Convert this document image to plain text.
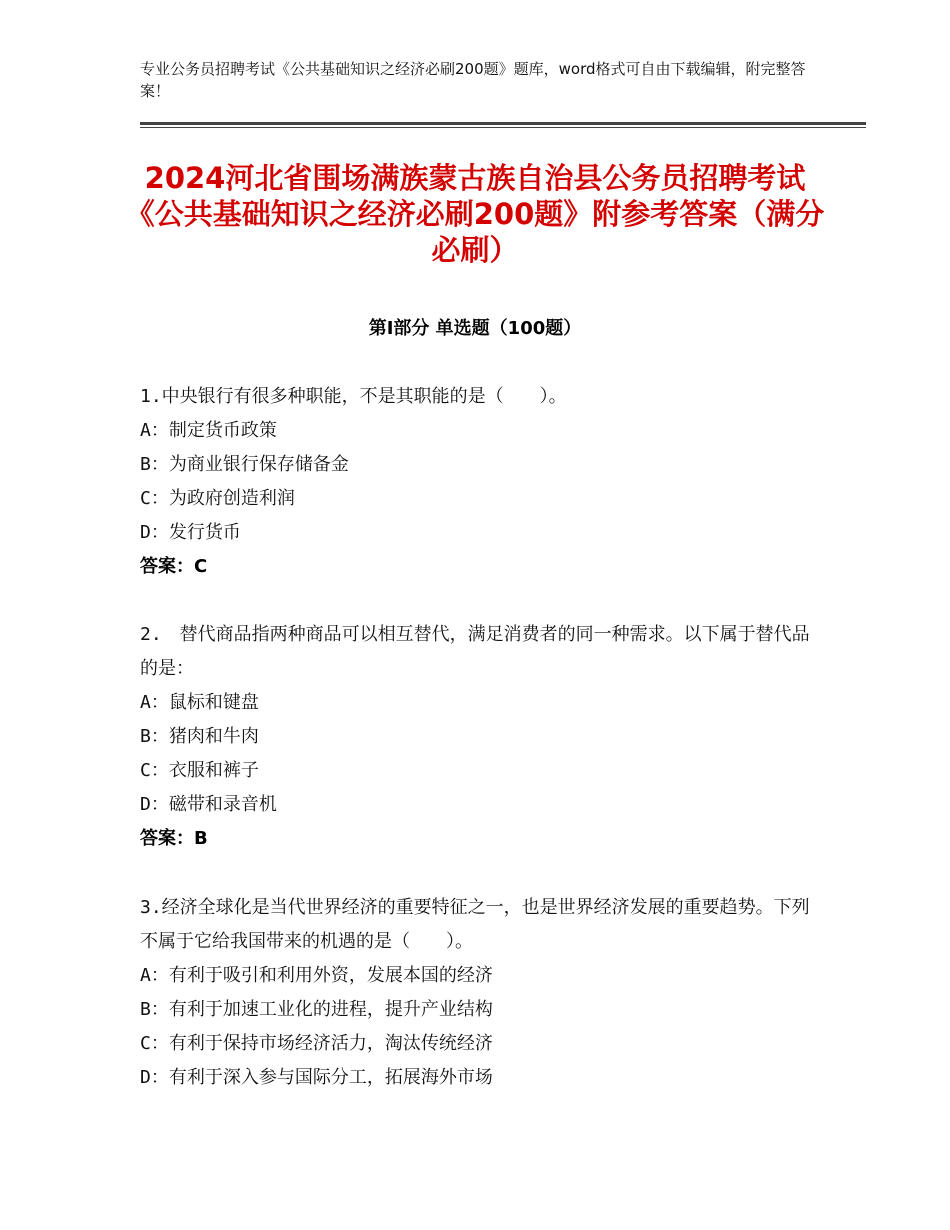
专业公务员招聘考试《公共基础知识之经济必刷200题》题库，word格式可自由下载编辑，附完整答案！
2024河北省围场满族蒙古族自治县公务员招聘考试《公共基础知识之经济必刷200题》附参考答案（满分必刷）
第Ⅰ部分 单选题（100题）
1.中央银行有很多种职能，不是其职能的是（　　）。
A：制定货币政策
B：为商业银行保存储备金
C：为政府创造利润
D：发行货币
答案：C
2.　替代商品指两种商品可以相互替代，满足消费者的同一种需求。以下属于替代品的是：
A：鼠标和键盘
B：猪肉和牛肉
C：衣服和裤子
D：磁带和录音机
答案：B
3.经济全球化是当代世界经济的重要特征之一，也是世界经济发展的重要趋势。下列不属于它给我国带来的机遇的是（　　）。
A：有利于吸引和利用外资，发展本国的经济
B：有利于加速工业化的进程，提升产业结构
C：有利于保持市场经济活力，淘汰传统经济
D：有利于深入参与国际分工，拓展海外市场
